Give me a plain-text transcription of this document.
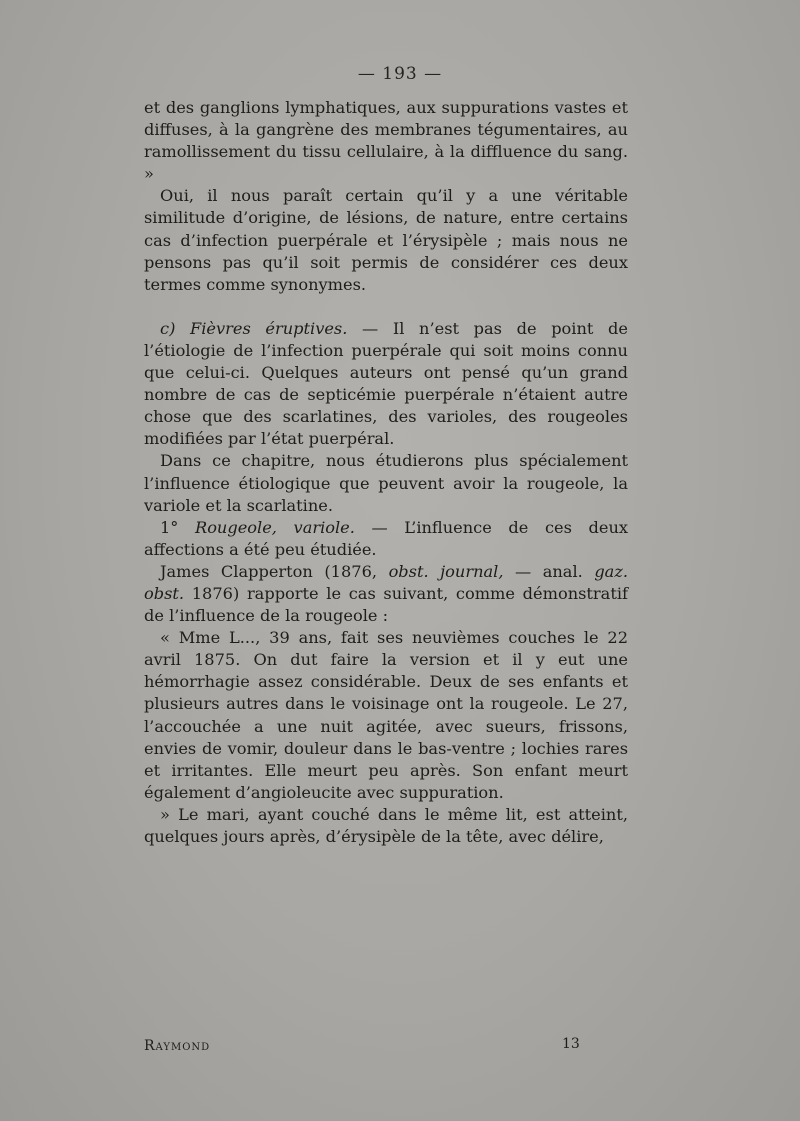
— 193 —

et des ganglions lymphatiques, aux suppurations vastes et diffuses, à la gangrène des membranes tégumentaires, au ramollissement du tissu cellulaire, à la diffluence du sang. »

Oui, il nous paraît certain qu’il y a une véritable similitude d’origine, de lésions, de nature, entre certains cas d’infection puerpérale et l’érysipèle ; mais nous ne pensons pas qu’il soit permis de considérer ces deux termes comme synonymes.

c) Fièvres éruptives. — Il n’est pas de point de l’étiologie de l’infection puerpérale qui soit moins connu que celui-ci. Quelques auteurs ont pensé qu’un grand nombre de cas de septicémie puerpérale n’étaient autre chose que des scarlatines, des varioles, des rougeoles modifiées par l’état puerpéral.

Dans ce chapitre, nous étudierons plus spécialement l’influence étiologique que peuvent avoir la rougeole, la variole et la scarlatine.

1° Rougeole, variole. — L’influence de ces deux affections a été peu étudiée.

James Clapperton (1876, obst. journal, — anal. gaz. obst. 1876) rapporte le cas suivant, comme démonstratif de l’influence de la rougeole :

« Mme L..., 39 ans, fait ses neuvièmes couches le 22 avril 1875. On dut faire la version et il y eut une hémorrhagie assez considérable. Deux de ses enfants et plusieurs autres dans le voisinage ont la rougeole. Le 27, l’accouchée a une nuit agitée, avec sueurs, frissons, envies de vomir, douleur dans le bas-ventre ; lochies rares et irritantes. Elle meurt peu après. Son enfant meurt également d’angioleucite avec suppuration.

» Le mari, ayant couché dans le même lit, est atteint, quelques jours après, d’érysipèle de la tête, avec délire,

Raymond	13
